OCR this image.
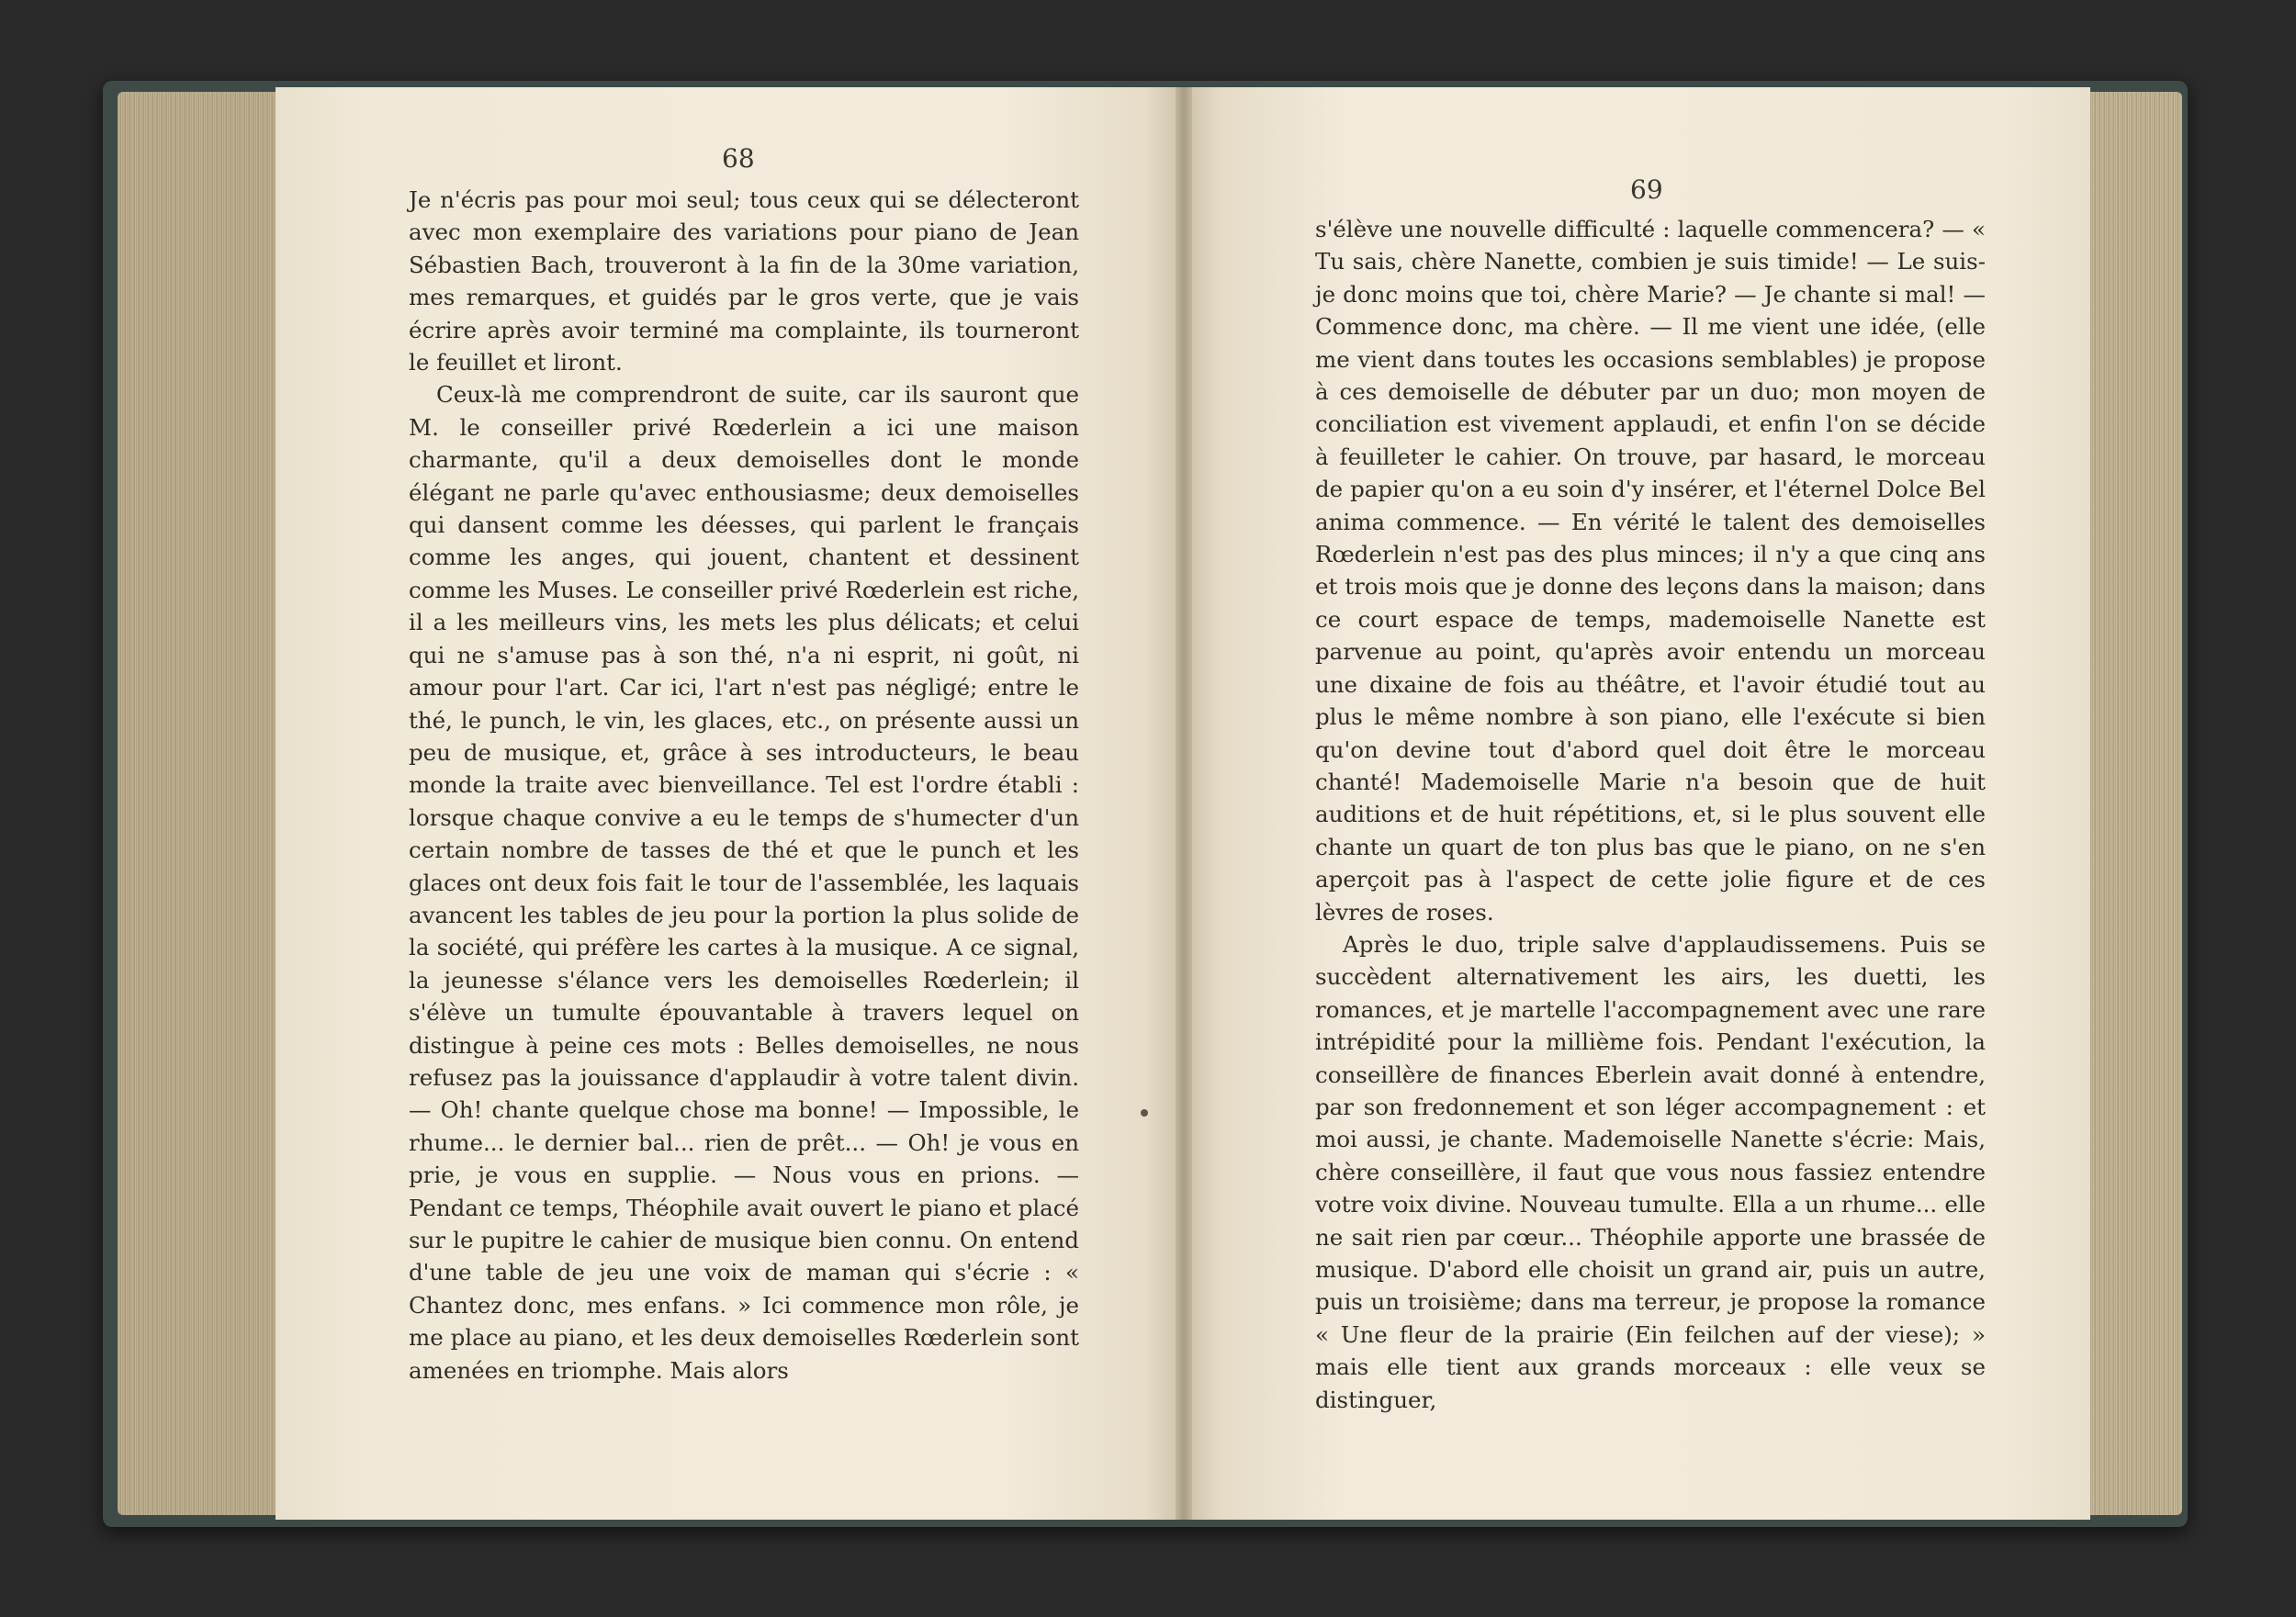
68
69

Je n'écris pas pour moi seul; tous ceux qui se délecteront avec mon exemplaire des variations pour piano de Jean Sébastien Bach, trouveront à la fin de la 30me variation, mes remarques, et guidés par le gros verte, que je vais écrire après avoir terminé ma complainte, ils tourneront le feuillet et liront.

Ceux-là me comprendront de suite, car ils sauront que M. le conseiller privé Rœderlein a ici une maison charmante, qu'il a deux demoiselles dont le monde élégant ne parle qu'avec enthousiasme; deux demoiselles qui dansent comme les déesses, qui parlent le français comme les anges, qui jouent, chantent et dessinent comme les Muses. Le conseiller privé Rœderlein est riche, il a les meilleurs vins, les mets les plus délicats; et celui qui ne s'amuse pas à son thé, n'a ni esprit, ni goût, ni amour pour l'art. Car ici, l'art n'est pas négligé; entre le thé, le punch, le vin, les glaces, etc., on présente aussi un peu de musique, et, grâce à ses introducteurs, le beau monde la traite avec bienveillance. Tel est l'ordre établi : lorsque chaque convive a eu le temps de s'humecter d'un certain nombre de tasses de thé et que le punch et les glaces ont deux fois fait le tour de l'assemblée, les laquais avancent les tables de jeu pour la portion la plus solide de la société, qui préfère les cartes à la musique. A ce signal, la jeunesse s'élance vers les demoiselles Rœderlein; il s'élève un tumulte épouvantable à travers lequel on distingue à peine ces mots : Belles demoiselles, ne nous refusez pas la jouissance d'applaudir à votre talent divin. — Oh! chante quelque chose ma bonne! — Impossible, le rhume... le dernier bal... rien de prêt... — Oh! je vous en prie, je vous en supplie. — Nous vous en prions. — Pendant ce temps, Théophile avait ouvert le piano et placé sur le pupitre le cahier de musique bien connu. On entend d'une table de jeu une voix de maman qui s'écrie : « Chantez donc, mes enfans. » Ici commence mon rôle, je me place au piano, et les deux demoiselles Rœderlein sont amenées en triomphe. Mais alors

s'élève une nouvelle difficulté : laquelle commencera? — « Tu sais, chère Nanette, combien je suis timide! — Le suis-je donc moins que toi, chère Marie? — Je chante si mal! — Commence donc, ma chère. — Il me vient une idée, (elle me vient dans toutes les occasions semblables) je propose à ces demoiselle de débuter par un duo; mon moyen de conciliation est vivement applaudi, et enfin l'on se décide à feuilleter le cahier. On trouve, par hasard, le morceau de papier qu'on a eu soin d'y insérer, et l'éternel Dolce Bel anima commence. — En vérité le talent des demoiselles Rœderlein n'est pas des plus minces; il n'y a que cinq ans et trois mois que je donne des leçons dans la maison; dans ce court espace de temps, mademoiselle Nanette est parvenue au point, qu'après avoir entendu un morceau une dixaine de fois au théâtre, et l'avoir étudié tout au plus le même nombre à son piano, elle l'exécute si bien qu'on devine tout d'abord quel doit être le morceau chanté! Mademoiselle Marie n'a besoin que de huit auditions et de huit répétitions, et, si le plus souvent elle chante un quart de ton plus bas que le piano, on ne s'en aperçoit pas à l'aspect de cette jolie figure et de ces lèvres de roses.

Après le duo, triple salve d'applaudissemens. Puis se succèdent alternativement les airs, les duetti, les romances, et je martelle l'accompagnement avec une rare intrépidité pour la millième fois. Pendant l'exécution, la conseillère de finances Eberlein avait donné à entendre, par son fredonnement et son léger accompagnement : et moi aussi, je chante. Mademoiselle Nanette s'écrie: Mais, chère conseillère, il faut que vous nous fassiez entendre votre voix divine. Nouveau tumulte. Ella a un rhume... elle ne sait rien par cœur... Théophile apporte une brassée de musique. D'abord elle choisit un grand air, puis un autre, puis un troisième; dans ma terreur, je propose la romance « Une fleur de la prairie (Ein feilchen auf der viese); » mais elle tient aux grands morceaux : elle veux se distinguer,
